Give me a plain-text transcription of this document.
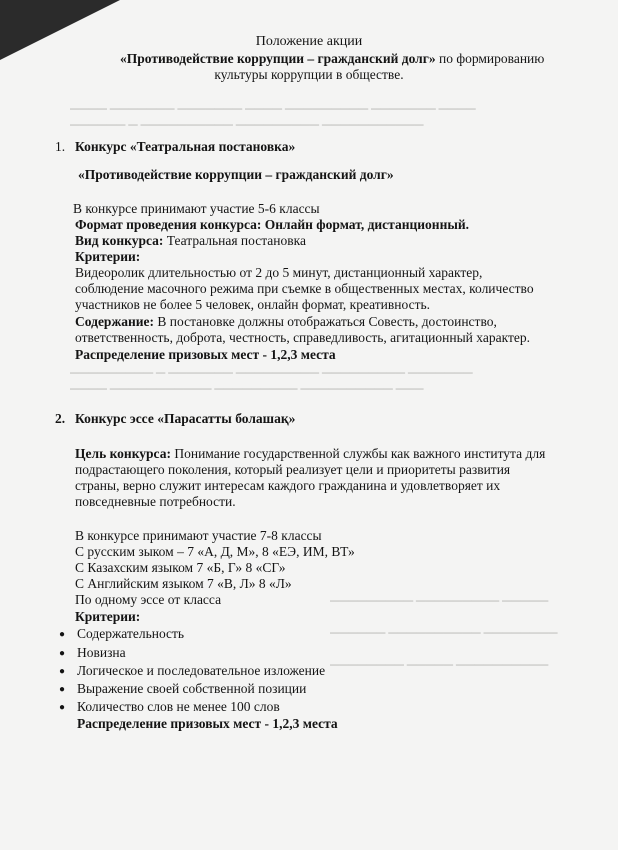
▁▁▁▁ ▁▁▁▁▁▁▁ ▁▁▁▁▁▁▁ ▁▁▁▁ ▁▁▁▁▁▁▁▁▁ ▁▁▁▁▁▁▁ ▁▁▁▁
▁▁▁▁▁▁ ▁ ▁▁▁▁▁▁▁▁▁▁ ▁▁▁▁▁▁▁▁▁ ▁▁▁▁▁▁▁▁▁▁▁
▁▁▁▁▁▁▁▁▁ ▁ ▁▁▁▁▁▁▁ ▁▁▁▁▁▁▁▁▁ ▁▁▁▁▁▁▁▁▁ ▁▁▁▁▁▁▁
▁▁▁▁ ▁▁▁▁▁▁▁▁▁▁▁ ▁▁▁▁▁▁▁▁▁ ▁▁▁▁▁▁▁▁▁▁ ▁▁▁
▁▁▁▁▁▁▁▁▁ ▁▁▁▁▁▁▁▁▁ ▁▁▁▁▁
▁▁▁▁▁▁ ▁▁▁▁▁▁▁▁▁▁ ▁▁▁▁▁▁▁▁
▁▁▁▁▁▁▁▁ ▁▁▁▁▁ ▁▁▁▁▁▁▁▁▁▁
Положение акции
«Противодействие коррупции – гражданский долг» по формированию
культуры коррупции в обществе.
1. Конкурс «Театральная постановка»
«Противодействие коррупции – гражданский долг»
В конкурсе принимают участие 5-6 классы
Формат проведения конкурса: Онлайн формат, дистанционный.
Вид конкурса: Театральная постановка
Критерии:
Видеоролик длительностью от 2 до 5 минут, дистанционный характер,
соблюдение масочного режима при съемке в общественных местах, количество
участников не более 5 человек, онлайн формат, креативность.
Содержание: В постановке должны отображаться Совесть, достоинство,
ответственность, доброта, честность, справедливость, агитационный характер.
Распределение призовых мест - 1,2,3 места
2. Конкурс эссе «Парасатты болашақ»
Цель конкурса: Понимание государственной службы как важного института для
подрастающего поколения, который реализует цели и приоритеты развития
страны, верно служит интересам каждого гражданина и удовлетворяет их
повседневные потребности.
В конкурсе принимают участие 7-8 классы
С русским зыком – 7 «А, Д, М», 8 «ЕЭ, ИМ, ВТ»
С Казахским языком 7 «Б, Г» 8 «СГ»
С Английским языком 7 «В, Л» 8 «Л»
По одному эссе от класса
Критерии:
● Содержательность
● Новизна
● Логическое и последовательное изложение
● Выражение своей собственной позиции
● Количество слов не менее 100 слов
Распределение призовых мест - 1,2,3 места
